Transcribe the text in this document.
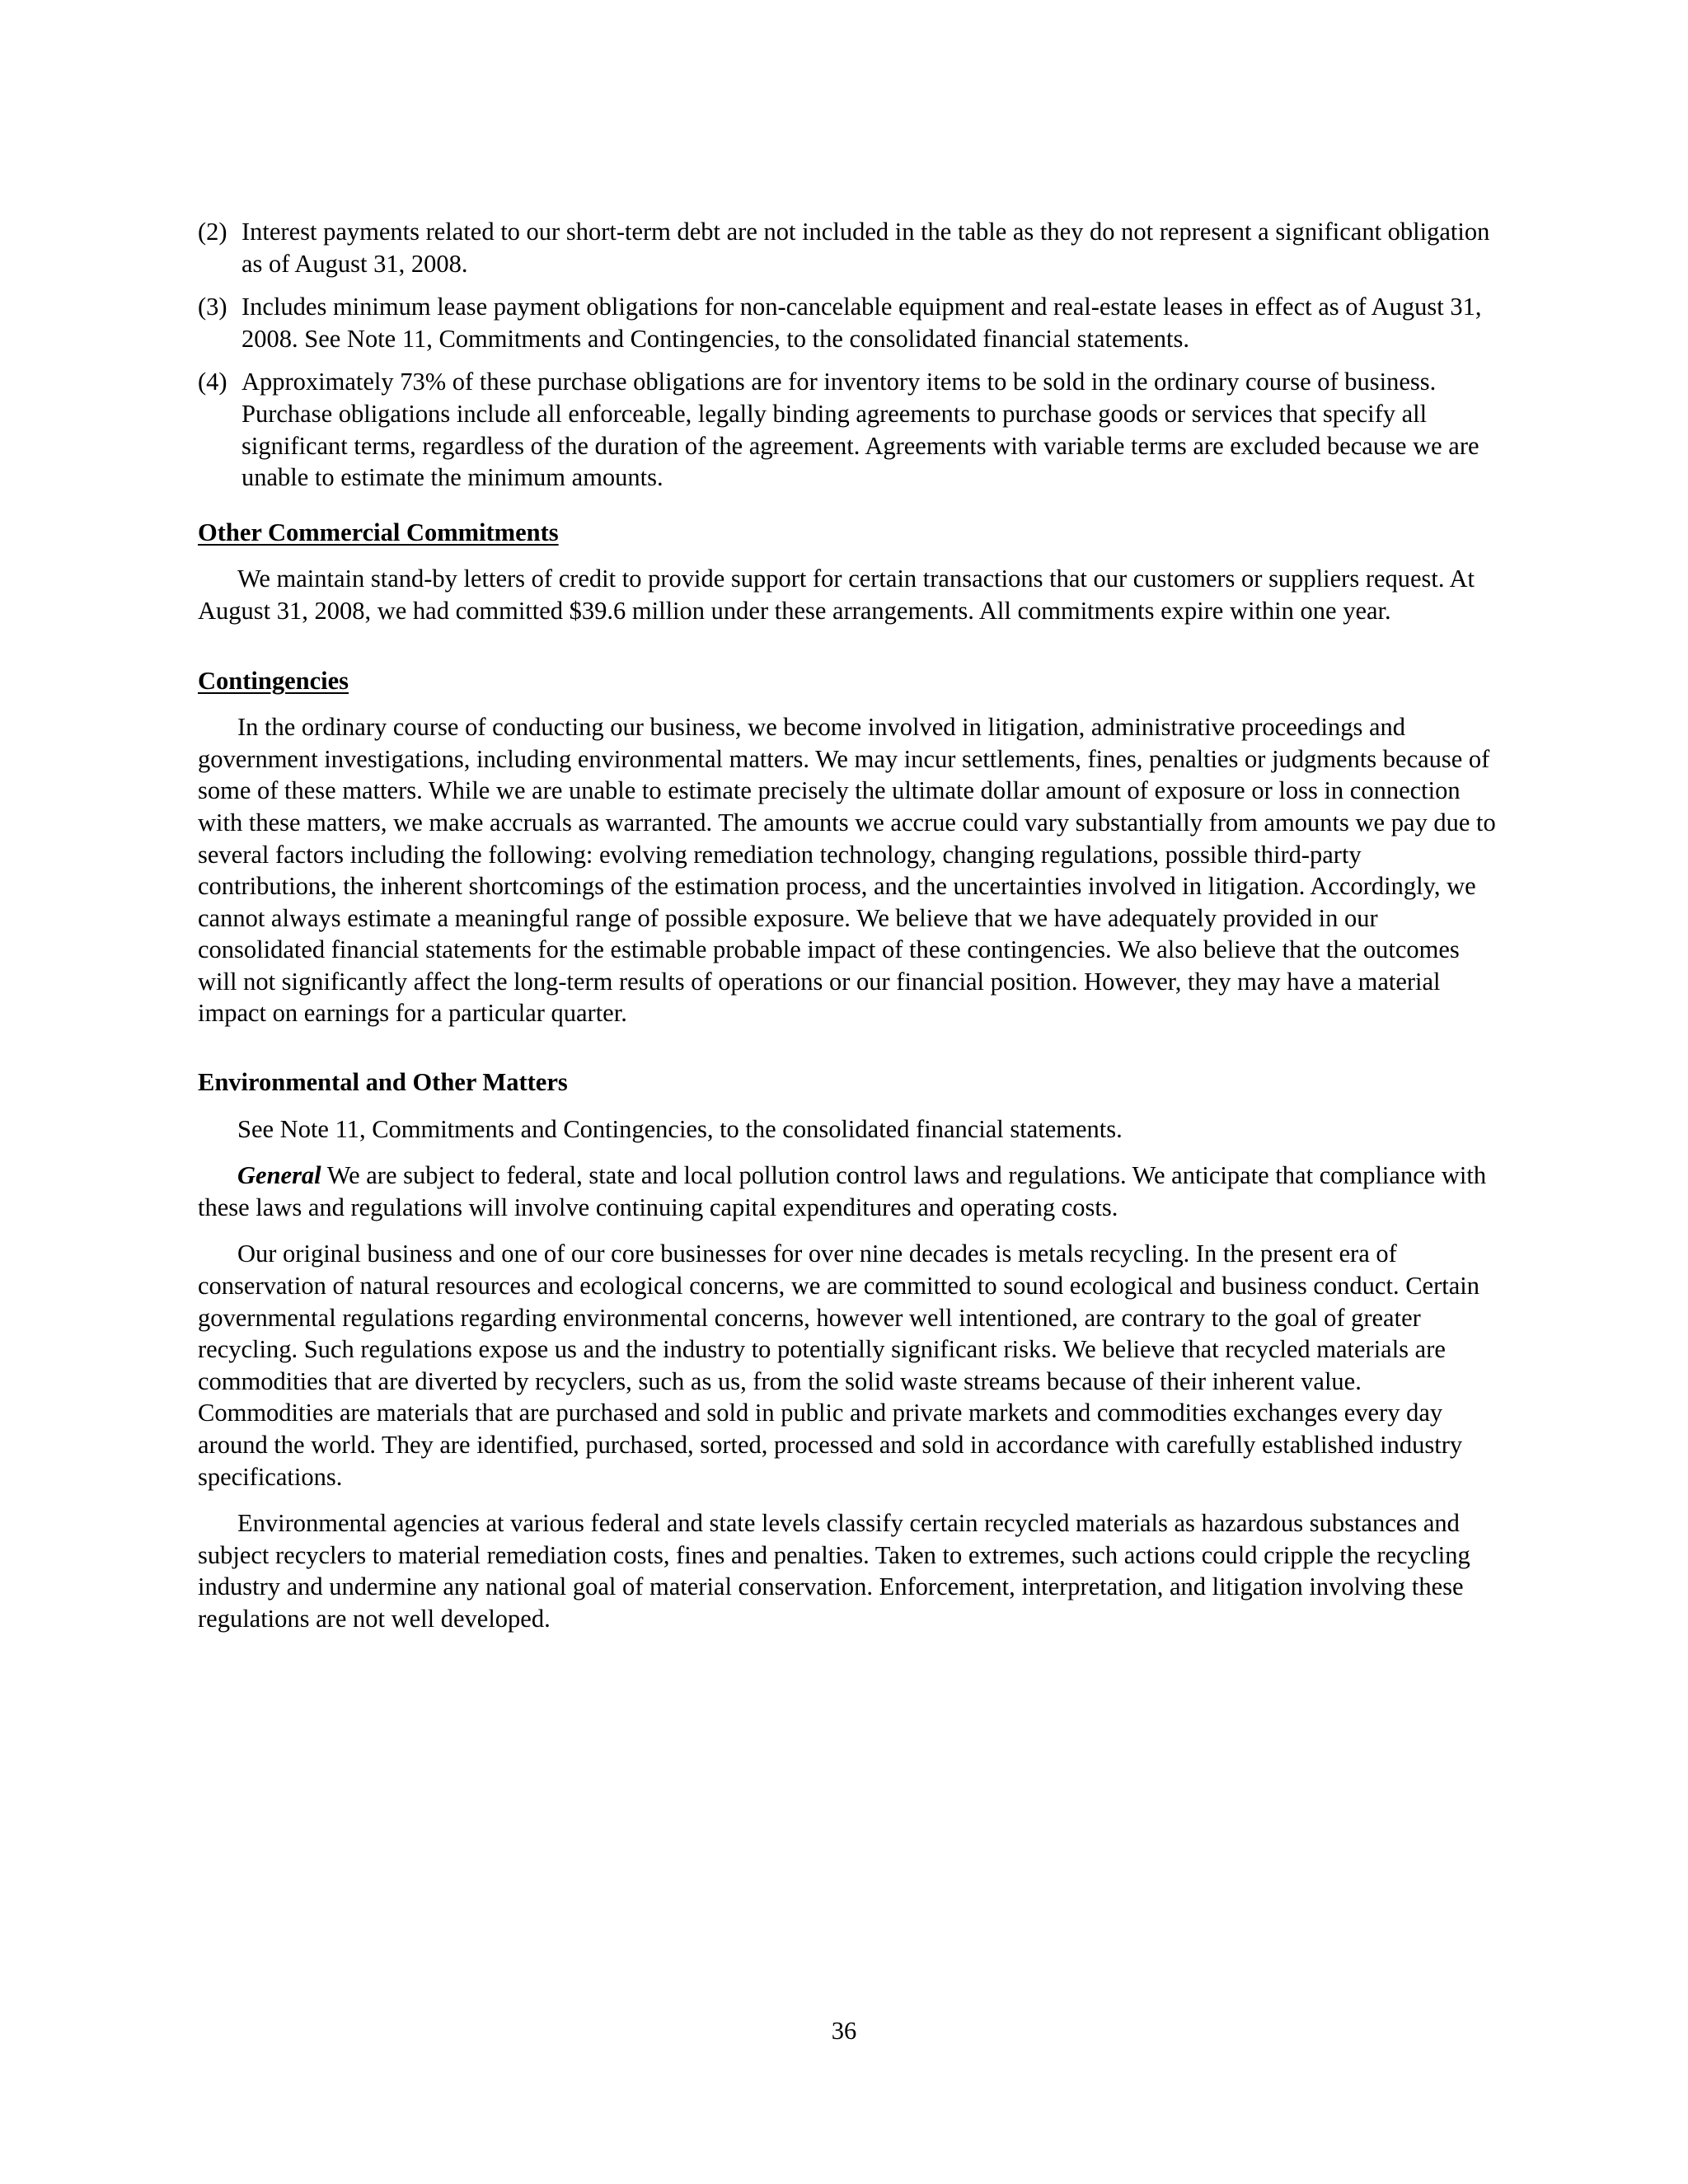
(2) Interest payments related to our short-term debt are not included in the table as they do not represent a significant obligation as of August 31, 2008.
(3) Includes minimum lease payment obligations for non-cancelable equipment and real-estate leases in effect as of August 31, 2008. See Note 11, Commitments and Contingencies, to the consolidated financial statements.
(4) Approximately 73% of these purchase obligations are for inventory items to be sold in the ordinary course of business. Purchase obligations include all enforceable, legally binding agreements to purchase goods or services that specify all significant terms, regardless of the duration of the agreement. Agreements with variable terms are excluded because we are unable to estimate the minimum amounts.
Other Commercial Commitments

We maintain stand-by letters of credit to provide support for certain transactions that our customers or suppliers request. At August 31, 2008, we had committed $39.6 million under these arrangements. All commitments expire within one year.

Contingencies

In the ordinary course of conducting our business, we become involved in litigation, administrative proceedings and government investigations, including environmental matters. We may incur settlements, fines, penalties or judgments because of some of these matters. While we are unable to estimate precisely the ultimate dollar amount of exposure or loss in connection with these matters, we make accruals as warranted. The amounts we accrue could vary substantially from amounts we pay due to several factors including the following: evolving remediation technology, changing regulations, possible third-party contributions, the inherent shortcomings of the estimation process, and the uncertainties involved in litigation. Accordingly, we cannot always estimate a meaningful range of possible exposure. We believe that we have adequately provided in our consolidated financial statements for the estimable probable impact of these contingencies. We also believe that the outcomes will not significantly affect the long-term results of operations or our financial position. However, they may have a material impact on earnings for a particular quarter.

Environmental and Other Matters

See Note 11, Commitments and Contingencies, to the consolidated financial statements.

General We are subject to federal, state and local pollution control laws and regulations. We anticipate that compliance with these laws and regulations will involve continuing capital expenditures and operating costs.

Our original business and one of our core businesses for over nine decades is metals recycling. In the present era of conservation of natural resources and ecological concerns, we are committed to sound ecological and business conduct. Certain governmental regulations regarding environmental concerns, however well intentioned, are contrary to the goal of greater recycling. Such regulations expose us and the industry to potentially significant risks. We believe that recycled materials are commodities that are diverted by recyclers, such as us, from the solid waste streams because of their inherent value. Commodities are materials that are purchased and sold in public and private markets and commodities exchanges every day around the world. They are identified, purchased, sorted, processed and sold in accordance with carefully established industry specifications.

Environmental agencies at various federal and state levels classify certain recycled materials as hazardous substances and subject recyclers to material remediation costs, fines and penalties. Taken to extremes, such actions could cripple the recycling industry and undermine any national goal of material conservation. Enforcement, interpretation, and litigation involving these regulations are not well developed.

36
